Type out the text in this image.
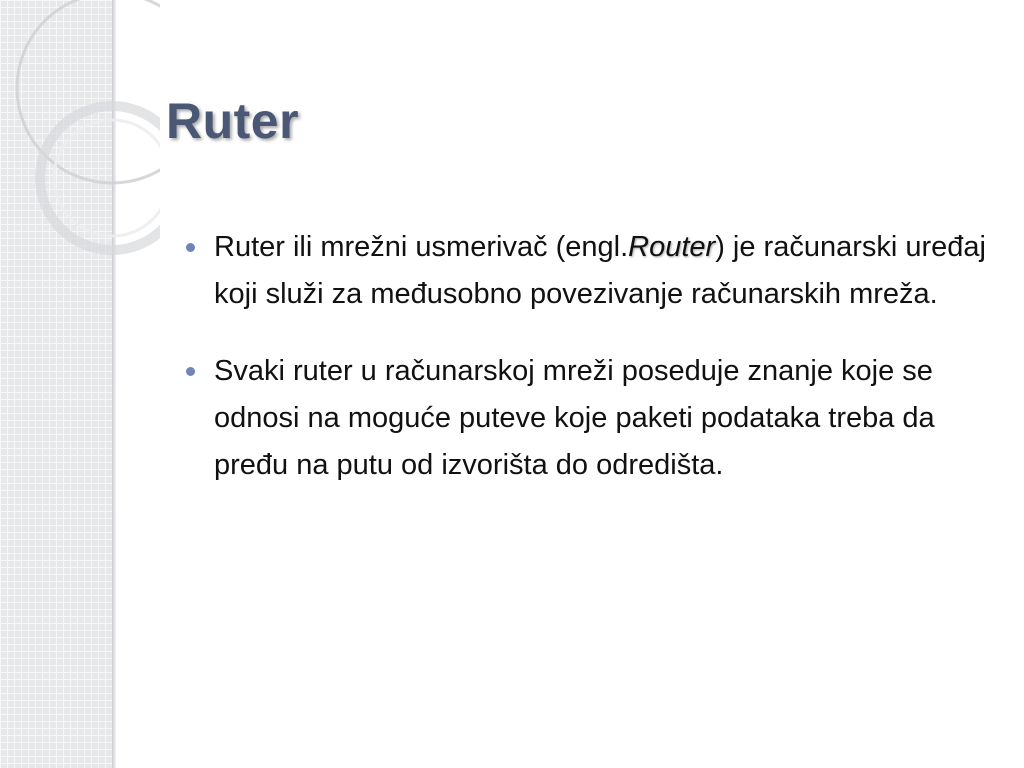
Ruter
Ruter ili mrežni usmerivač (engl.Router) je računarski uređaj koji služi za međusobno povezivanje računarskih mreža.
Svaki ruter u računarskoj mreži poseduje znanje koje se odnosi na moguće puteve koje paketi podataka treba da pređu na putu od izvorišta do odredišta.
